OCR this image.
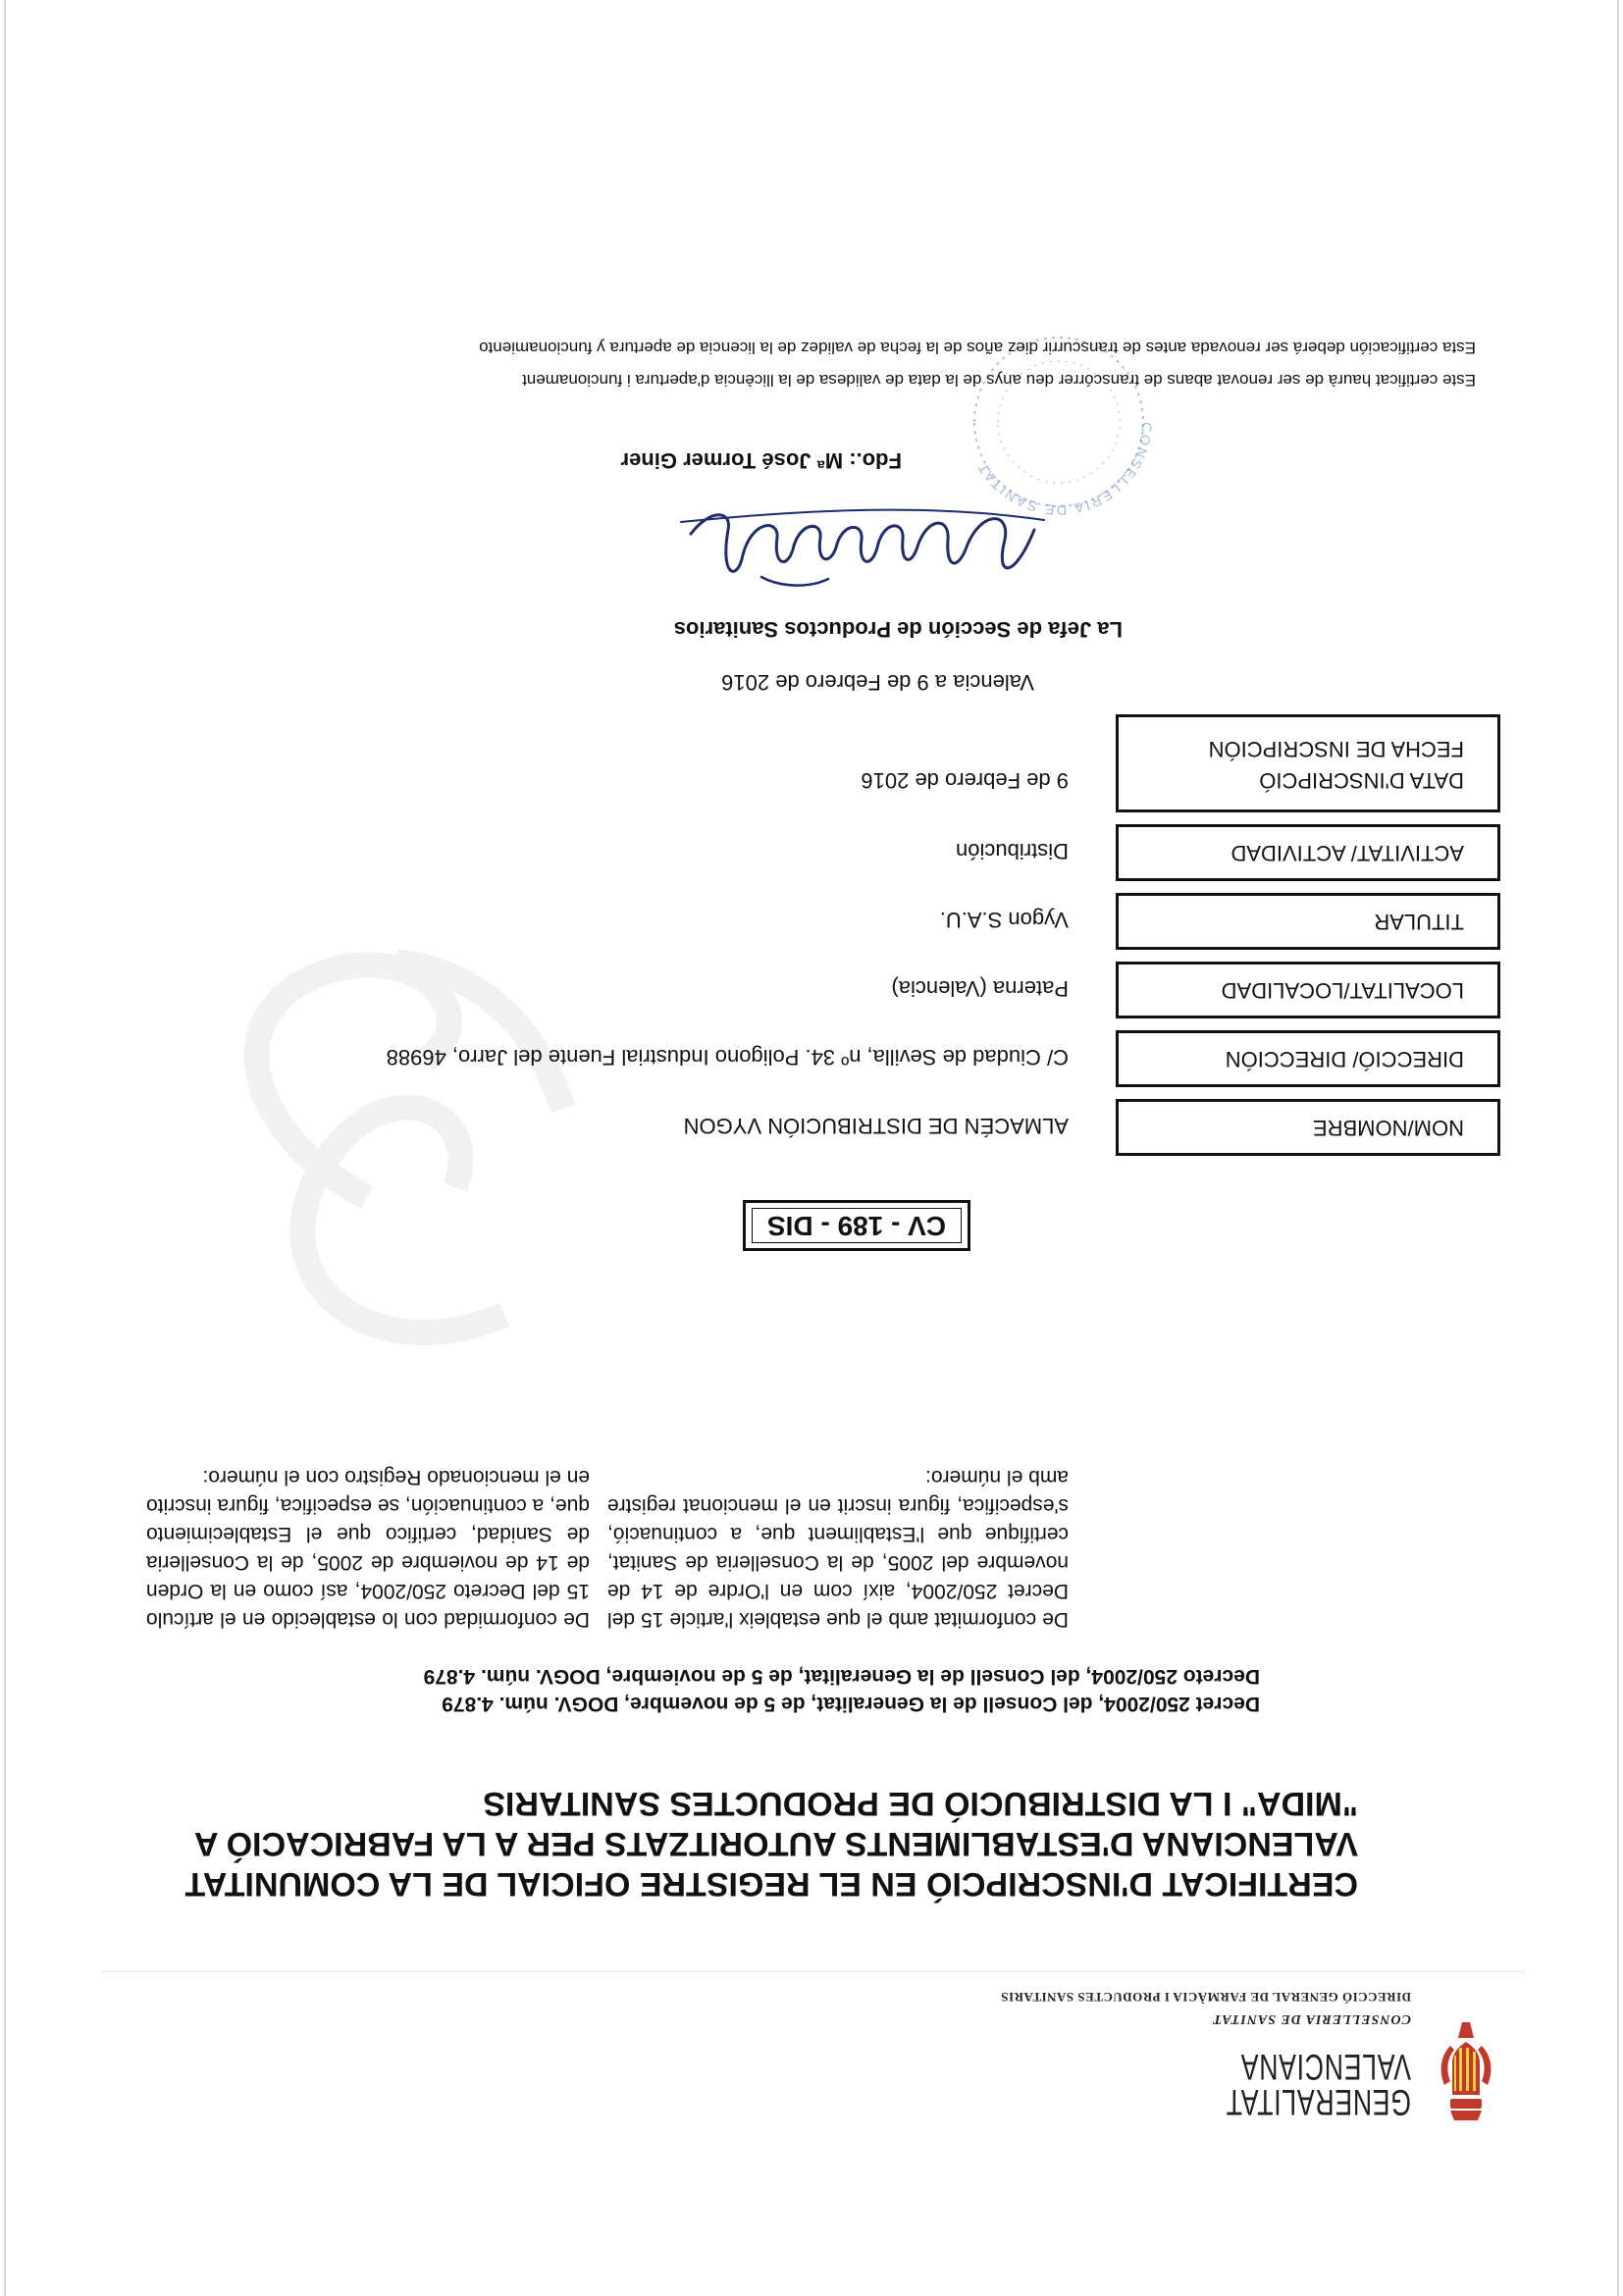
GENERALITAT
VALENCIANA
CONSELLERIA DE SANITAT
DIRECCIÓ GENERAL DE FARMÀCIA I PRODUCTES SANITARIS
CERTIFICAT D'INSCRIPCIÓ EN EL REGISTRE OFICIAL DE LA COMUNITAT
VALENCIANA D'ESTABLIMENTS AUTORITZATS PER A LA FABRICACIÓ A
"MIDA" I LA DISTRIBUCIÓ DE PRODUCTES SANITARIS
Decret 250/2004, del Consell de la Generalitat, de 5 de novembre, DOGV. núm. 4.879
Decreto 250/2004, del Consell de la Generalitat, de 5 de noviembre, DOGV. núm. 4.879
De conformitat amb el que estableix l'article 15 del Decret 250/2004, així com en l'Ordre de 14 de novembre del 2005, de la Conselleria de Sanitat, certifique que l'Establiment que, a continuació, s'especifica, figura inscrit en el mencionat registre amb el número:
De conformidad con lo establecido en el artículo 15 del Decreto 250/2004, así como en la Orden de 14 de noviembre de 2005, de la Conselleria de Sanidad, certifico que el Establecimiento que, a continuación, se especifica, figura inscrito en el mencionado Registro con el número:
CV - 189 - DIS
NOM/NOMBRE
ALMACÉN DE DISTRIBUCIÓN VYGON
DIRECCIÓ/ DIRECCIÓN
C/ Ciudad de Sevilla, nº 34. Poligono Industrial Fuente del Jarro, 46988
LOCALITAT/LOCALIDAD
Paterna (Valencia)
TITULAR
Vygon S.A.U.
ACTIVITAT/ ACTIVIDAD
Distribución
DATA D'INSCRIPCIÓ
FECHA DE INSCRIPCIÓN
9 de Febrero de 2016
Valencia a 9 de Febrero de 2016
La Jefa de Sección de Productos Sanitarios
CONSELLERIA DE SANITAT
Fdo.: Mª José Tormer Giner
Este certificat haurà de ser renovat abans de transcórrer deu anys de la data de validesa de la llicència d'apertura i funcionament
Esta certificación deberá ser renovada antes de transcurrir diez años de la fecha de validez de la licencia de apertura y funcionamiento
